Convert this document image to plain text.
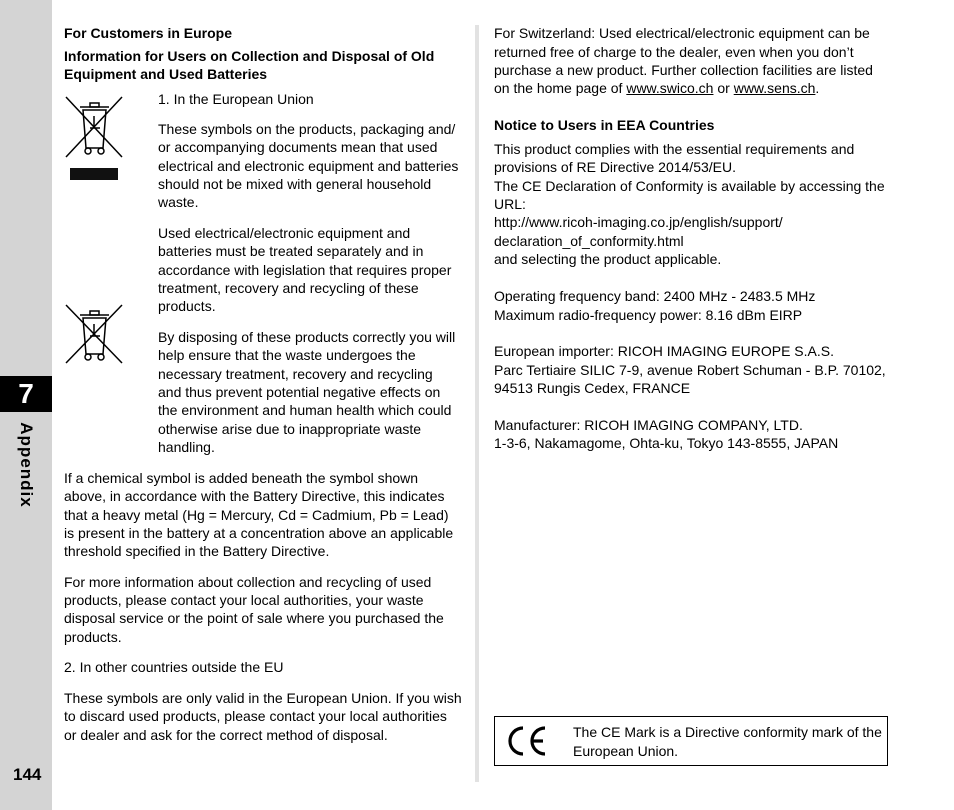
7
Appendix
144

For Customers in Europe

Information for Users on Collection and Disposal of Old

Equipment and Used Batteries

1. In the European Union

These symbols on the products, packaging and/

or accompanying documents mean that used

electrical and electronic equipment and batteries

should not be mixed with general household

waste.

Used electrical/electronic equipment and

batteries must be treated separately and in

accordance with legislation that requires proper

treatment, recovery and recycling of these

products.

By disposing of these products correctly you will

help ensure that the waste undergoes the

necessary treatment, recovery and recycling

and thus prevent potential negative effects on

the environment and human health which could

otherwise arise due to inappropriate waste

handling.

If a chemical symbol is added beneath the symbol shown

above, in accordance with the Battery Directive, this indicates

that a heavy metal (Hg = Mercury, Cd = Cadmium, Pb = Lead)

is present in the battery at a concentration above an applicable

threshold specified in the Battery Directive.

For more information about collection and recycling of used

products, please contact your local authorities, your waste

disposal service or the point of sale where you purchased the

products.

2. In other countries outside the EU

These symbols are only valid in the European Union. If you wish

to discard used products, please contact your local authorities

or dealer and ask for the correct method of disposal.

For Switzerland: Used electrical/electronic equipment can be

returned free of charge to the dealer, even when you don’t

purchase a new product. Further collection facilities are listed

on the home page of www.swico.ch or www.sens.ch.

Notice to Users in EEA Countries

This product complies with the essential requirements and

provisions of RE Directive 2014/53/EU.

The CE Declaration of Conformity is available by accessing the

URL:

http://www.ricoh-imaging.co.jp/english/support/

declaration_of_conformity.html

and selecting the product applicable.

Operating frequency band: 2400 MHz - 2483.5 MHz

Maximum radio-frequency power: 8.16 dBm EIRP

European importer: RICOH IMAGING EUROPE S.A.S.

Parc Tertiaire SILIC 7-9, avenue Robert Schuman - B.P. 70102,

94513 Rungis Cedex, FRANCE

Manufacturer: RICOH IMAGING COMPANY, LTD.

1-3-6, Nakamagome, Ohta-ku, Tokyo 143-8555, JAPAN

The CE Mark is a Directive conformity mark of the

European Union.
